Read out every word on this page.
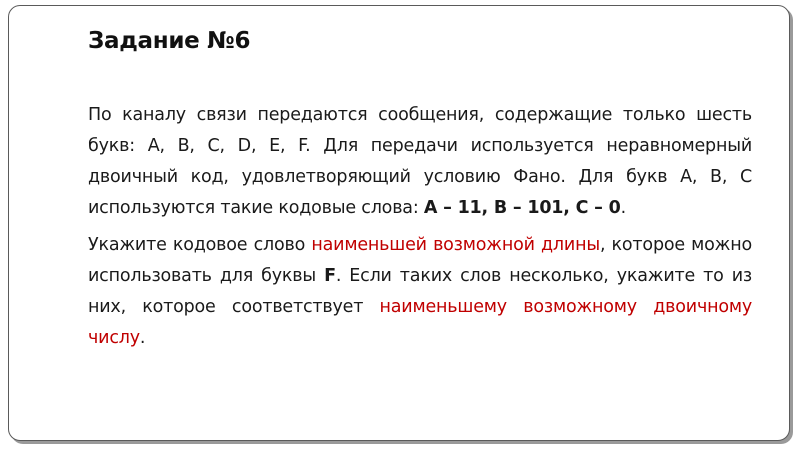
Задание №6

По каналу связи передаются сообщения, содержащие только шесть букв: A, B, C, D, E, F. Для передачи используется неравномерный двоичный код, удовлетворяющий условию Фано. Для букв A, B, C используются такие кодовые слова: A – 11, B – 101, C – 0.

Укажите кодовое слово наименьшей возможной длины, которое можно использовать для буквы F. Если таких слов несколько, укажите то из них, которое соответствует наименьшему возможному двоичному числу.
